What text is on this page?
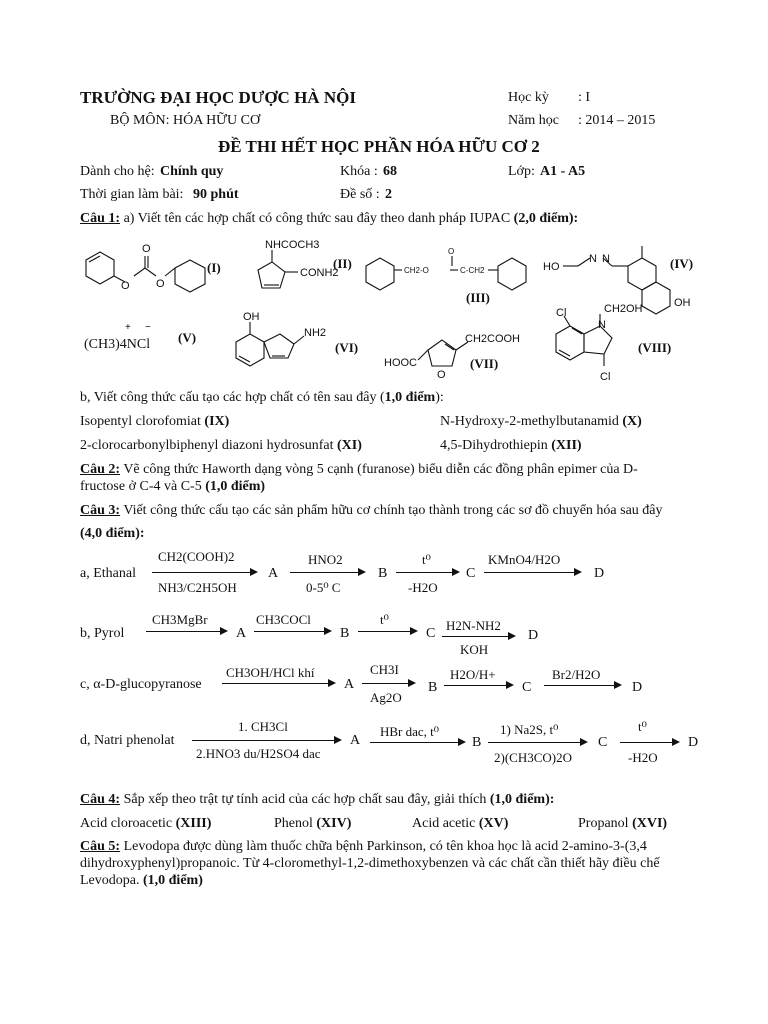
TRƯỜNG ĐẠI HỌC DƯỢC HÀ NỘI	Học kỳ : I
BỘ MÔN: HÓA HỮU CƠ	Năm học : 2014 – 2015
ĐỀ THI HẾT HỌC PHẦN HÓA HỮU CƠ 2
Dành cho hệ: Chính quy	Khóa : 68	Lớp: A1 - A5
Thời gian làm bài: 90 phút	Đề số : 2
Câu 1: a) Viết tên các hợp chất có công thức sau đây theo danh pháp IUPAC (2,0 điểm):
O
O
O
(I)
NHCOCH3
CONH2
(II)	CH2-O
O
C-CH2
(III)
HO
N N
OH
(IV)
(CH3)4NCl
+ −
(V)
OH
NH2
(VI)
HOOC
O
CH2COOH
(VII)
Cl
N
CH2OH
Cl
(VIII)
b, Viết công thức cấu tạo các hợp chất có tên sau đây (1,0 điểm):
Isopentyl clorofomiat (IX)	N-Hydroxy-2-methylbutanamid (X)
2-clorocarbonylbiphenyl diazoni hydrosunfat (XI)	4,5-Dihydrothiepin (XII)
Câu 2: Vẽ công thức Haworth dạng vòng 5 cạnh (furanose) biểu diễn các đồng phân epimer của D-
fructose ở C-4 và C-5 (1,0 điểm)
Câu 3: Viết công thức cấu tạo các sản phẩm hữu cơ chính tạo thành trong các sơ đồ chuyển hóa sau đây
(4,0 điểm):
a, Ethanal
CH2(COOH)2
NH3/C2H5OH
A
HNO2
0-5⁰ C
B
t⁰
-H2O
C
KMnO4/H2O
D
b, Pyrol
CH3MgBr
A
CH3COCl
B
t⁰
C
H2N-NH2
KOH
D
c, α-D-glucopyranose
CH3OH/HCl khí
A
CH3I
Ag2O
B
H2O/H+
C
Br2/H2O
D
d, Natri phenolat
1. CH3Cl
2.HNO3 du/H2SO4 dac
A
HBr dac, t⁰
B
1) Na2S, t⁰
2)(CH3CO)2O
C
t⁰
-H2O
D
Câu 4: Sắp xếp theo trật tự tính acid của các hợp chất sau đây, giải thích (1,0 điểm):
Acid cloroacetic (XIII)	Phenol (XIV)	Acid acetic (XV)	Propanol (XVI)
Câu 5: Levodopa được dùng làm thuốc chữa bệnh Parkinson, có tên khoa học là acid 2-amino-3-(3,4
dihydroxyphenyl)propanoic. Từ 4-cloromethyl-1,2-dimethoxybenzen và các chất cần thiết hãy điều chế
Levodopa. (1,0 điểm)
